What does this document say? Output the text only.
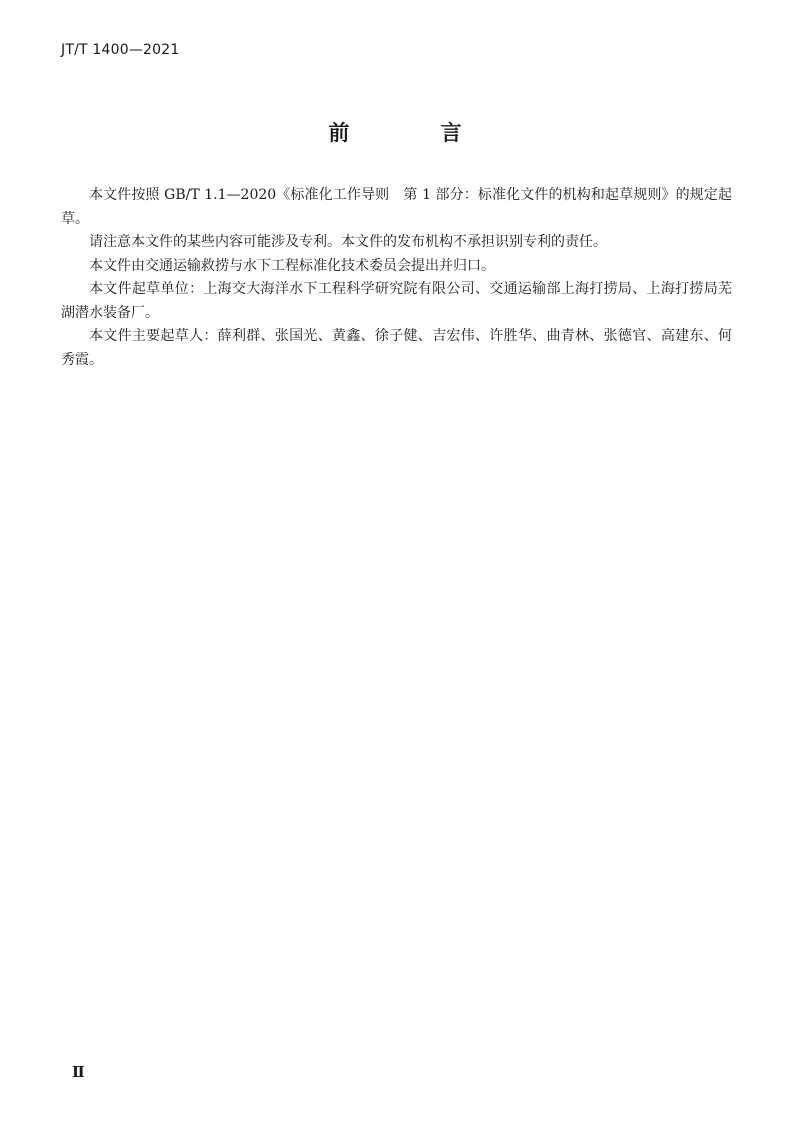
JT/T 1400—2021
前 言

本文件按照 GB/T 1.1—2020《标准化工作导则　第 1 部分：标准化文件的机构和起草规则》的规定起草。

请注意本文件的某些内容可能涉及专利。本文件的发布机构不承担识别专利的责任。

本文件由交通运输救捞与水下工程标准化技术委员会提出并归口。

本文件起草单位：上海交大海洋水下工程科学研究院有限公司、交通运输部上海打捞局、上海打捞局芜湖潜水装备厂。

本文件主要起草人：薛利群、张国光、黄鑫、徐子健、吉宏伟、许胜华、曲青林、张德官、高建东、何秀霞。

Ⅱ
